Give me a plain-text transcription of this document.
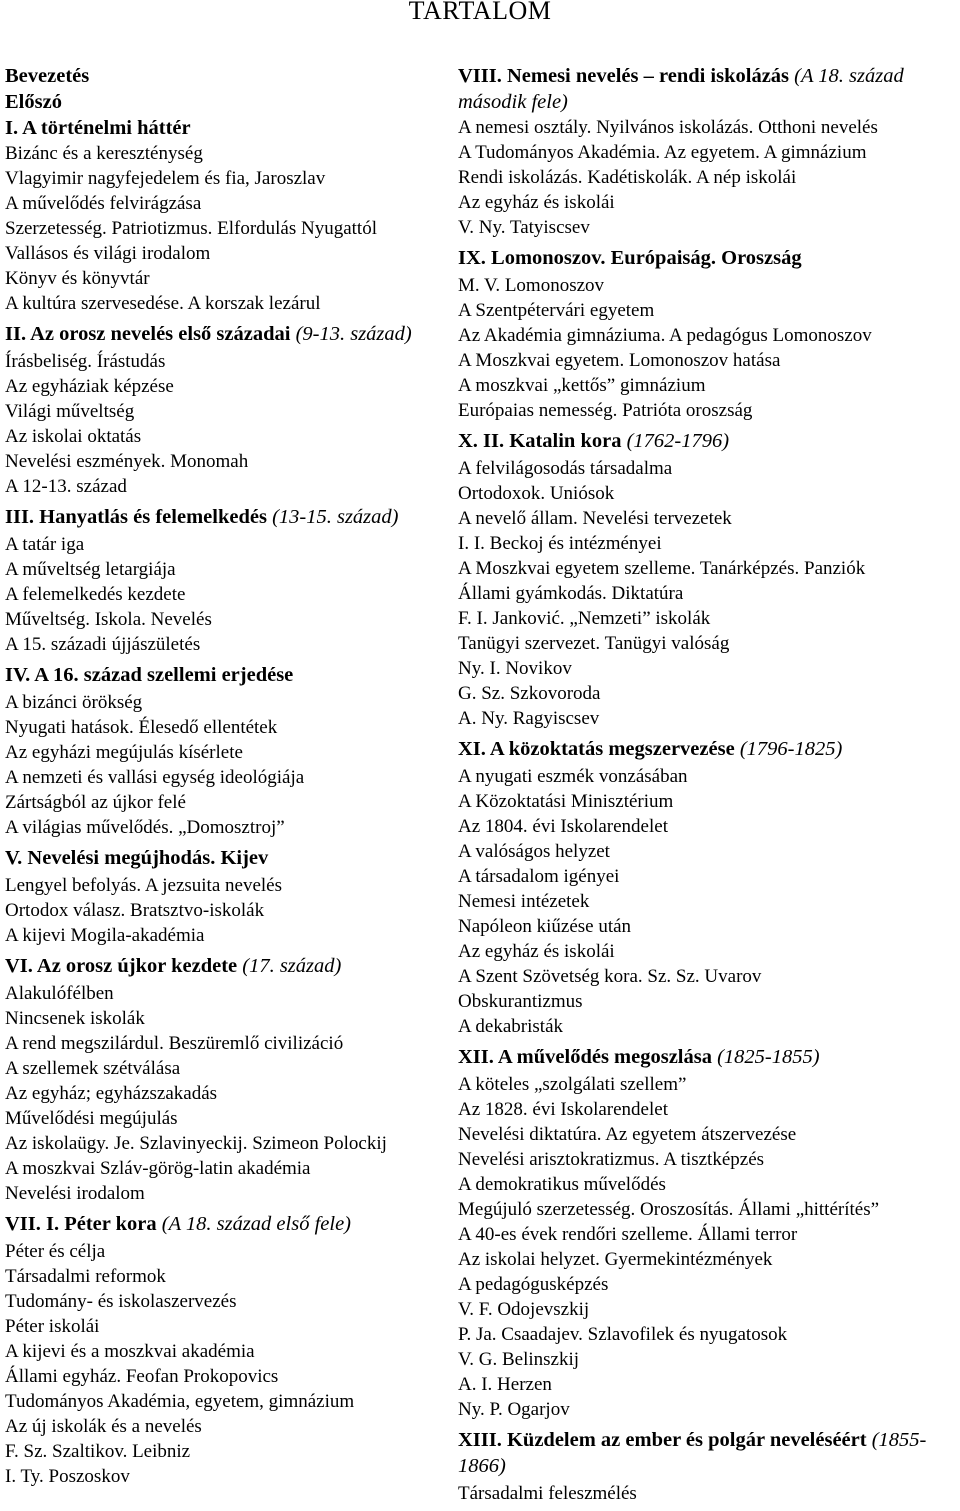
TARTALOM
Bevezetés
Előszó
I. A történelmi háttér
Bizánc és a kereszténység
Vlagyimir nagyfejedelem és fia, Jaroszlav
A művelődés felvirágzása
Szerzetesség. Patriotizmus. Elfordulás Nyugattól
Vallásos és világi irodalom
Könyv és könyvtár
A kultúra szervesedése. A korszak lezárul
II. Az orosz nevelés első századai (9-13. század)
Írásbeliség. Írástudás
Az egyháziak képzése
Világi műveltség
Az iskolai oktatás
Nevelési eszmények. Monomah
A 12-13. század
III. Hanyatlás és felemelkedés (13-15. század)
A tatár iga
A műveltség letargiája
A felemelkedés kezdete
Műveltség. Iskola. Nevelés
A 15. századi újjászületés
IV. A 16. század szellemi erjedése
A bizánci örökség
Nyugati hatások. Élesedő ellentétek
Az egyházi megújulás kísérlete
A nemzeti és vallási egység ideológiája
Zártságból az újkor felé
A világias művelődés. „Domosztroj”
V. Nevelési megújhodás. Kijev
Lengyel befolyás. A jezsuita nevelés
Ortodox válasz. Bratsztvo-iskolák
A kijevi Mogila-akadémia
VI. Az orosz újkor kezdete (17. század)
Alakulófélben
Nincsenek iskolák
A rend megszilárdul. Beszüremlő civilizáció
A szellemek szétválása
Az egyház; egyházszakadás
Művelődési megújulás
Az iskolaügy. Je. Szlavinyeckij. Szimeon Polockij
A moszkvai Szláv-görög-latin akadémia
Nevelési irodalom
VII. I. Péter kora (A 18. század első fele)
Péter és célja
Társadalmi reformok
Tudomány- és iskolaszervezés
Péter iskolái
A kijevi és a moszkvai akadémia
Állami egyház. Feofan Prokopovics
Tudományos Akadémia, egyetem, gimnázium
Az új iskolák és a nevelés
F. Sz. Szaltikov. Leibniz
I. Ty. Poszoskov
VIII. Nemesi nevelés – rendi iskolázás (A 18. század második fele)
A nemesi osztály. Nyilvános iskolázás. Otthoni nevelés
A Tudományos Akadémia. Az egyetem. A gimnázium
Rendi iskolázás. Kadétiskolák. A nép iskolái
Az egyház és iskolái
V. Ny. Tatyiscsev
IX. Lomonoszov. Európaiság. Oroszság
M. V. Lomonoszov
A Szentpétervári egyetem
Az Akadémia gimnáziuma. A pedagógus Lomonoszov
A Moszkvai egyetem. Lomonoszov hatása
A moszkvai „kettős” gimnázium
Európaias nemesség. Patrióta oroszság
X. II. Katalin kora (1762-1796)
A felvilágosodás társadalma
Ortodoxok. Uniósok
A nevelő állam. Nevelési tervezetek
I. I. Beckoj és intézményei
A Moszkvai egyetem szelleme. Tanárképzés. Panziók
Állami gyámkodás. Diktatúra
F. I. Janković. „Nemzeti” iskolák
Tanügyi szervezet. Tanügyi valóság
Ny. I. Novikov
G. Sz. Szkovoroda
A. Ny. Ragyiscsev
XI. A közoktatás megszervezése (1796-1825)
A nyugati eszmék vonzásában
A Közoktatási Minisztérium
Az 1804. évi Iskolarendelet
A valóságos helyzet
A társadalom igényei
Nemesi intézetek
Napóleon kiűzése után
Az egyház és iskolái
A Szent Szövetség kora. Sz. Sz. Uvarov
Obskurantizmus
A dekabristák
XII. A művelődés megoszlása (1825-1855)
A köteles „szolgálati szellem”
Az 1828. évi Iskolarendelet
Nevelési diktatúra. Az egyetem átszervezése
Nevelési arisztokratizmus. A tisztképzés
A demokratikus művelődés
Megújuló szerzetesség. Oroszosítás. Állami „hittérítés”
A 40-es évek rendőri szelleme. Állami terror
Az iskolai helyzet. Gyermekintézmények
A pedagógusképzés
V. F. Odojevszkij
P. Ja. Csaadajev. Szlavofilek és nyugatosok
V. G. Belinszkij
A. I. Herzen
Ny. P. Ogarjov
XIII. Küzdelem az ember és polgár neveléséért (1855-1866)
Társadalmi feleszmélés
